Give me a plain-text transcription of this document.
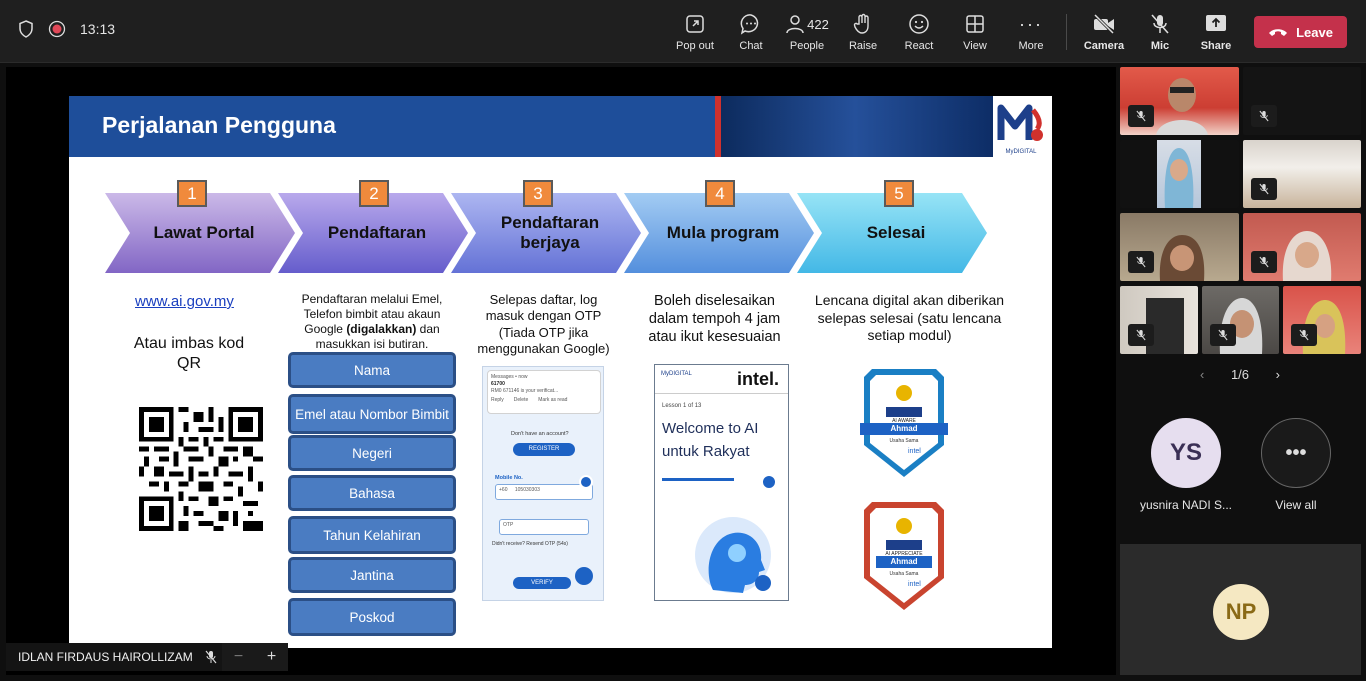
13:13
Pop out Chat
422
People Raise	React	View
···
More	Camera Mic	Share
Leave
Perjalanan Pengguna
MyDIGITAL
Lawat Portal	Pendaftaran
Pendaftaran berjaya
Mula program	Selesai
1	2	3	4	5
www.ai.gov.my
Atau imbas kod QR
Pendaftaran melalui Emel, Telefon bimbit atau akaun Google (digalakkan) dan masukkan isi butiran.
Nama
Emel atau Nombor Bimbit
Negeri
Bahasa
Tahun Kelahiran
Jantina
Poskod
Selepas daftar, log masuk dengan OTP (Tiada OTP jika menggunakan Google)
Messages • now
61700
RM0 671146 is your verificat...
Reply Delete Mark as read
Don't have an account?
REGISTER
Mobile No.
+60 105030303
OTP
Didn't receive? Resend OTP (54s)
VERIFY
Boleh diselesaikan dalam tempoh 4 jam atau ikut kesesuaian
MyDIGITAL	intel.
Lesson 1 of 13
Welcome to AI untuk Rakyat
Lencana digital akan diberikan selepas selesai (satu lencana setiap modul)
AI AWARE
Ahmad
Usaha Sama
intel
AI APPRECIATE
Ahmad
Usaha Sama
intel
IDLAN FIRDAUS HAIROLLIZAM	− +
‹ 1/6 ›
YS
yusnira NADI S...
•••
View all
NP
